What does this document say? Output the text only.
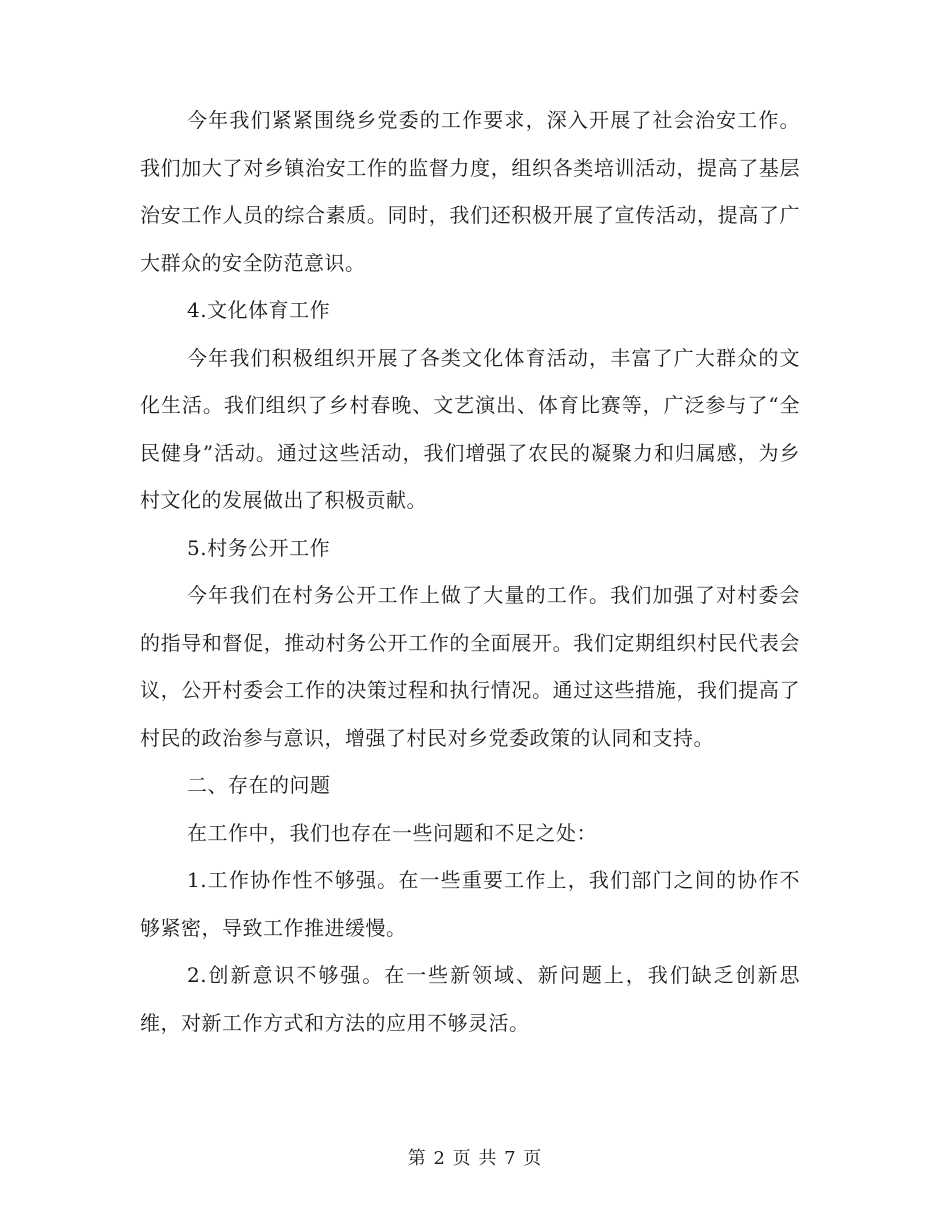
今年我们紧紧围绕乡党委的工作要求，深入开展了社会治安工作。我们加大了对乡镇治安工作的监督力度，组织各类培训活动，提高了基层治安工作人员的综合素质。同时，我们还积极开展了宣传活动，提高了广大群众的安全防范意识。

4.文化体育工作

今年我们积极组织开展了各类文化体育活动，丰富了广大群众的文化生活。我们组织了乡村春晚、文艺演出、体育比赛等，广泛参与了“全民健身”活动。通过这些活动，我们增强了农民的凝聚力和归属感，为乡村文化的发展做出了积极贡献。

5.村务公开工作

今年我们在村务公开工作上做了大量的工作。我们加强了对村委会的指导和督促，推动村务公开工作的全面展开。我们定期组织村民代表会议，公开村委会工作的决策过程和执行情况。通过这些措施，我们提高了村民的政治参与意识，增强了村民对乡党委政策的认同和支持。

二、存在的问题

在工作中，我们也存在一些问题和不足之处：

1.工作协作性不够强。在一些重要工作上，我们部门之间的协作不够紧密，导致工作推进缓慢。

2.创新意识不够强。在一些新领域、新问题上，我们缺乏创新思维，对新工作方式和方法的应用不够灵活。

第 2 页 共 7 页
